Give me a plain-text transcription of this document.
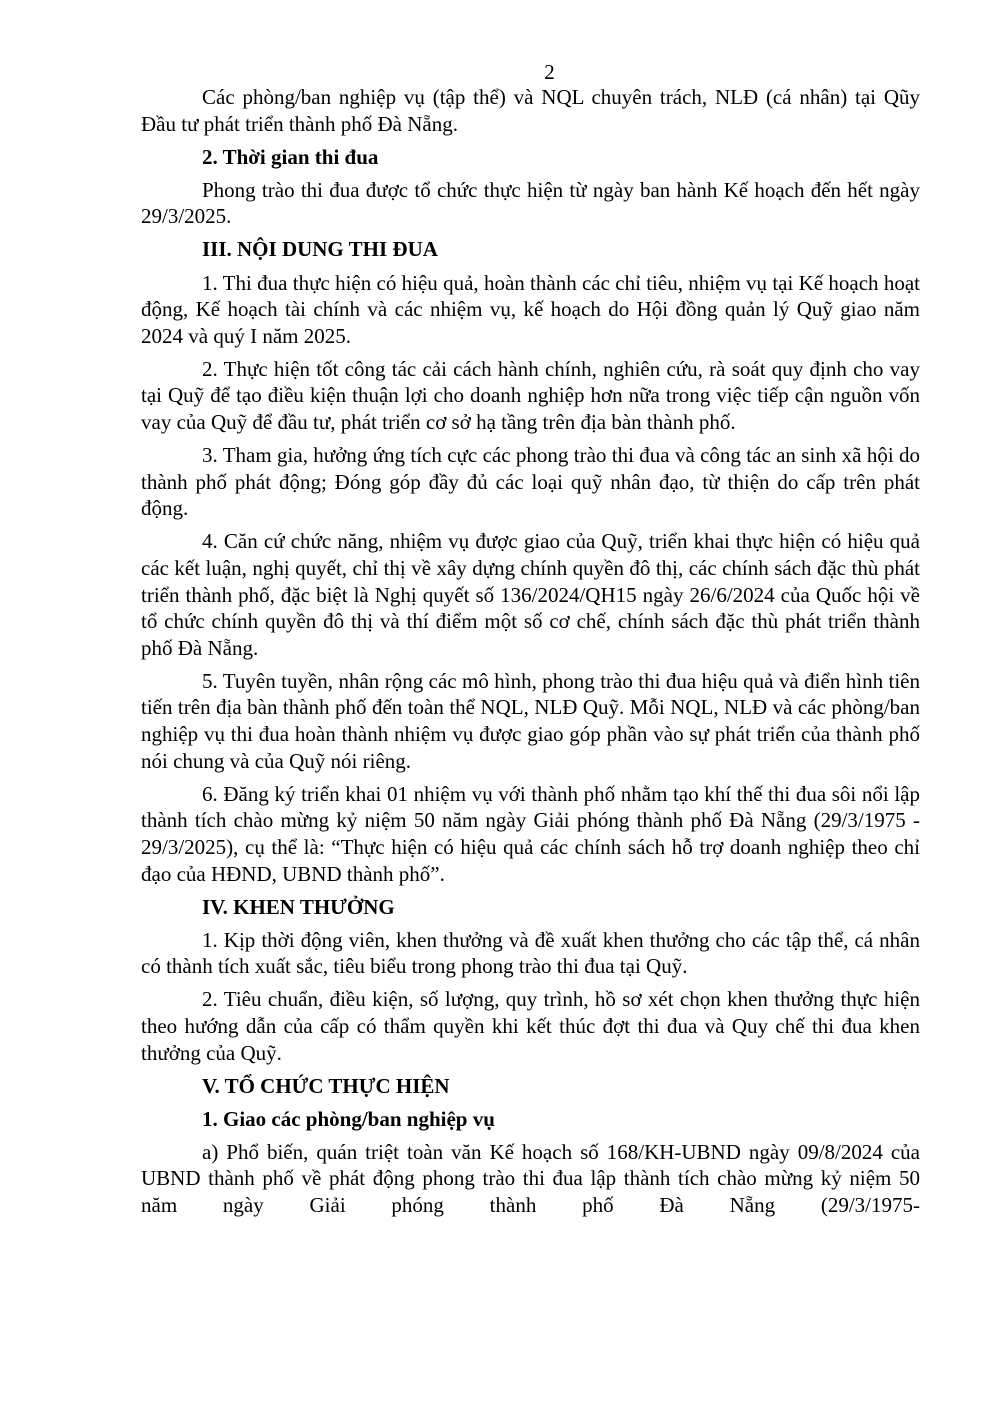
2

Các phòng/ban nghiệp vụ (tập thể) và NQL chuyên trách, NLĐ (cá nhân) tại Qũy Đầu tư phát triển thành phố Đà Nẵng.

2. Thời gian thi đua

Phong trào thi đua được tổ chức thực hiện từ ngày ban hành Kế hoạch đến hết ngày 29/3/2025.

III. NỘI DUNG THI ĐUA

1. Thi đua thực hiện có hiệu quả, hoàn thành các chỉ tiêu, nhiệm vụ tại Kế hoạch hoạt động, Kế hoạch tài chính và các nhiệm vụ, kế hoạch do Hội đồng quản lý Quỹ giao năm 2024 và quý I năm 2025.

2. Thực hiện tốt công tác cải cách hành chính, nghiên cứu, rà soát quy định cho vay tại Quỹ để tạo điều kiện thuận lợi cho doanh nghiệp hơn nữa trong việc tiếp cận nguồn vốn vay của Quỹ để đầu tư, phát triển cơ sở hạ tầng trên địa bàn thành phố.

3. Tham gia, hưởng ứng tích cực các phong trào thi đua và công tác an sinh xã hội do thành phố phát động; Đóng góp đầy đủ các loại quỹ nhân đạo, từ thiện do cấp trên phát động.

4. Căn cứ chức năng, nhiệm vụ được giao của Quỹ, triển khai thực hiện có hiệu quả các kết luận, nghị quyết, chỉ thị về xây dựng chính quyền đô thị, các chính sách đặc thù phát triển thành phố, đặc biệt là Nghị quyết số 136/2024/QH15 ngày 26/6/2024 của Quốc hội về tổ chức chính quyền đô thị và thí điểm một số cơ chế, chính sách đặc thù phát triển thành phố Đà Nẵng.

5. Tuyên tuyền, nhân rộng các mô hình, phong trào thi đua hiệu quả và điển hình tiên tiến trên địa bàn thành phố đến toàn thể NQL, NLĐ Quỹ. Mỗi NQL, NLĐ và các phòng/ban nghiệp vụ thi đua hoàn thành nhiệm vụ được giao góp phần vào sự phát triển của thành phố nói chung và của Quỹ nói riêng.

6. Đăng ký triển khai 01 nhiệm vụ với thành phố nhằm tạo khí thế thi đua sôi nổi lập thành tích chào mừng kỷ niệm 50 năm ngày Giải phóng thành phố Đà Nẵng (29/3/1975 - 29/3/2025), cụ thể là: “Thực hiện có hiệu quả các chính sách hỗ trợ doanh nghiệp theo chỉ đạo của HĐND, UBND thành phố”.

IV. KHEN THƯỞNG

1. Kịp thời động viên, khen thưởng và đề xuất khen thưởng cho các tập thể, cá nhân có thành tích xuất sắc, tiêu biểu trong phong trào thi đua tại Quỹ.

2. Tiêu chuẩn, điều kiện, số lượng, quy trình, hồ sơ xét chọn khen thưởng thực hiện theo hướng dẫn của cấp có thẩm quyền khi kết thúc đợt thi đua và Quy chế thi đua khen thưởng của Quỹ.

V. TỔ CHỨC THỰC HIỆN

1. Giao các phòng/ban nghiệp vụ

a) Phổ biến, quán triệt toàn văn Kế hoạch số 168/KH-UBND ngày 09/8/2024 của UBND thành phố về phát động phong trào thi đua lập thành tích chào mừng kỷ niệm 50 năm ngày Giải phóng thành phố Đà Nẵng (29/3/1975-
